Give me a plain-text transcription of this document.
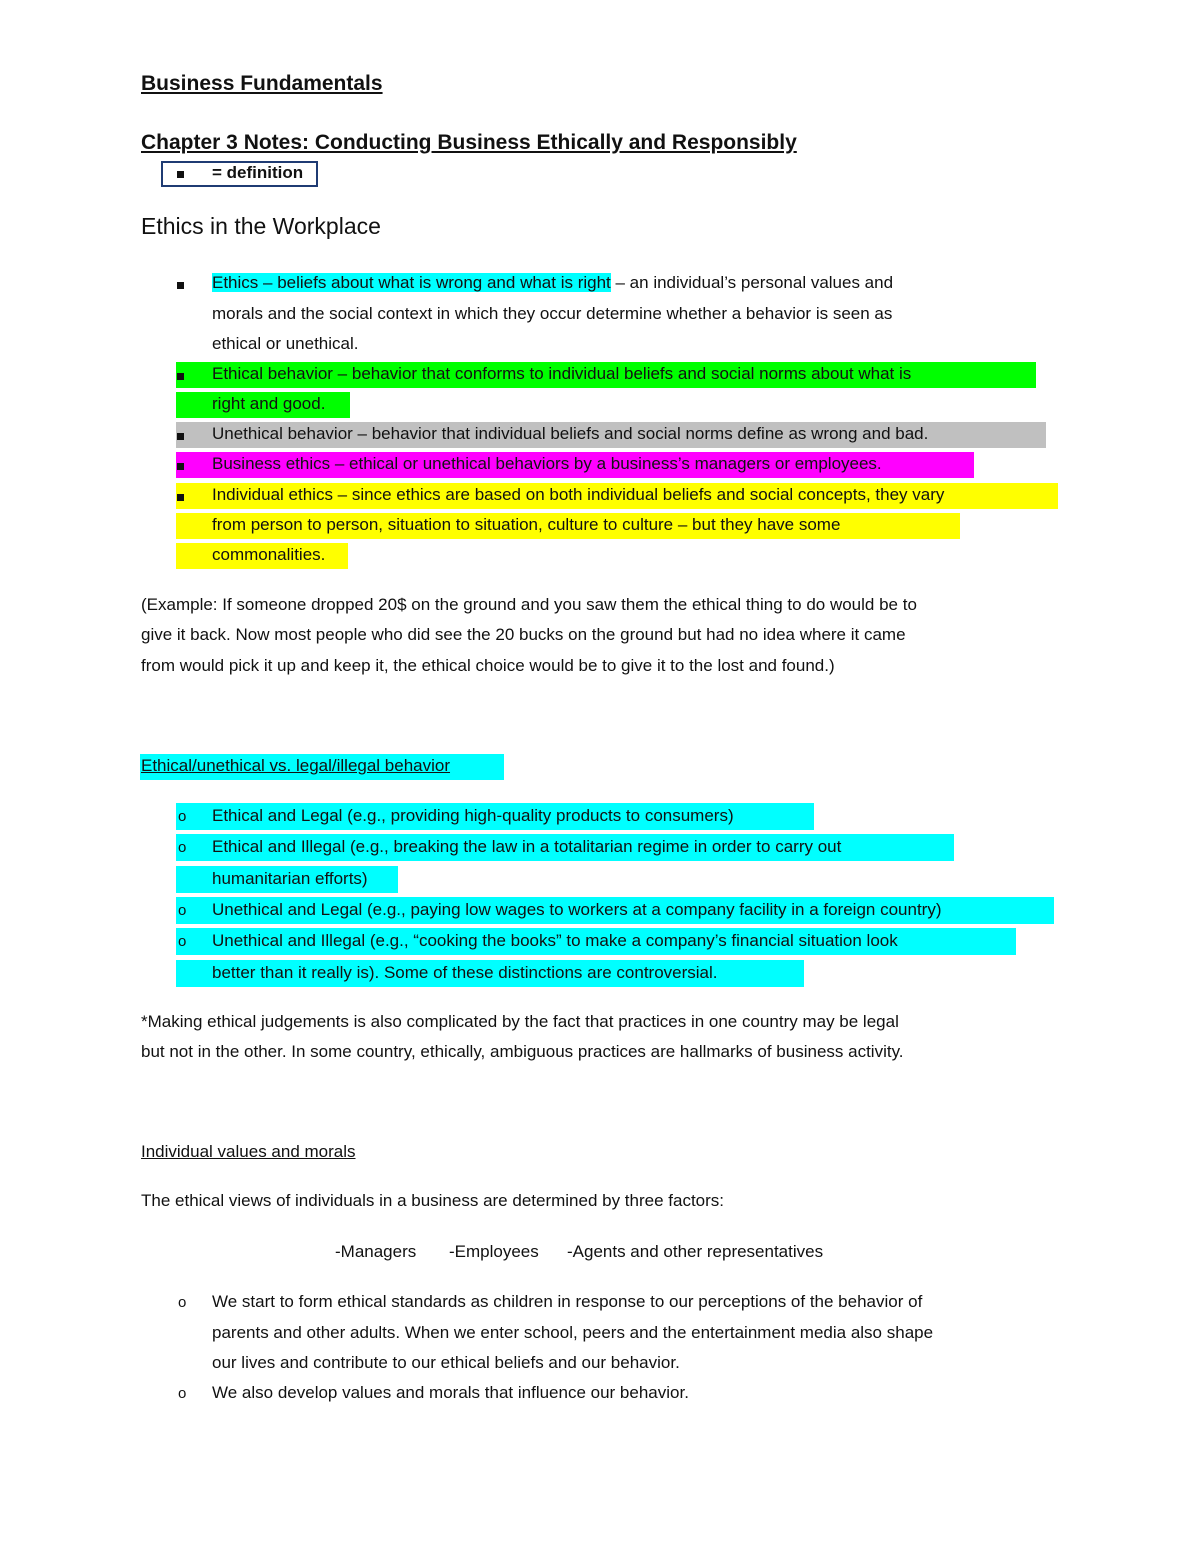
Business Fundamentals
Chapter 3 Notes: Conducting Business Ethically and Responsibly
= definition
Ethics in the Workplace
Ethics – beliefs about what is wrong and what is right – an individual’s personal values and
morals and the social context in which they occur determine whether a behavior is seen as
ethical or unethical.
Ethical behavior – behavior that conforms to individual beliefs and social norms about what is
right and good.
Unethical behavior – behavior that individual beliefs and social norms define as wrong and bad.
Business ethics – ethical or unethical behaviors by a business’s managers or employees.
Individual ethics – since ethics are based on both individual beliefs and social concepts, they vary
from person to person, situation to situation, culture to culture – but they have some
commonalities.
(Example: If someone dropped 20$ on the ground and you saw them the ethical thing to do would be to
give it back. Now most people who did see the 20 bucks on the ground but had no idea where it came
from would pick it up and keep it, the ethical choice would be to give it to the lost and found.)
Ethical/unethical vs. legal/illegal behavior
o Ethical and Legal (e.g., providing high-quality products to consumers)
o Ethical and Illegal (e.g., breaking the law in a totalitarian regime in order to carry out
humanitarian efforts)
o Unethical and Legal (e.g., paying low wages to workers at a company facility in a foreign country)
o Unethical and Illegal (e.g., “cooking the books” to make a company’s financial situation look
better than it really is). Some of these distinctions are controversial.
*Making ethical judgements is also complicated by the fact that practices in one country may be legal
but not in the other. In some country, ethically, ambiguous practices are hallmarks of business activity.
Individual values and morals
The ethical views of individuals in a business are determined by three factors:
-Managers -Employees -Agents and other representatives
o We start to form ethical standards as children in response to our perceptions of the behavior of
parents and other adults. When we enter school, peers and the entertainment media also shape
our lives and contribute to our ethical beliefs and our behavior.
o We also develop values and morals that influence our behavior.
